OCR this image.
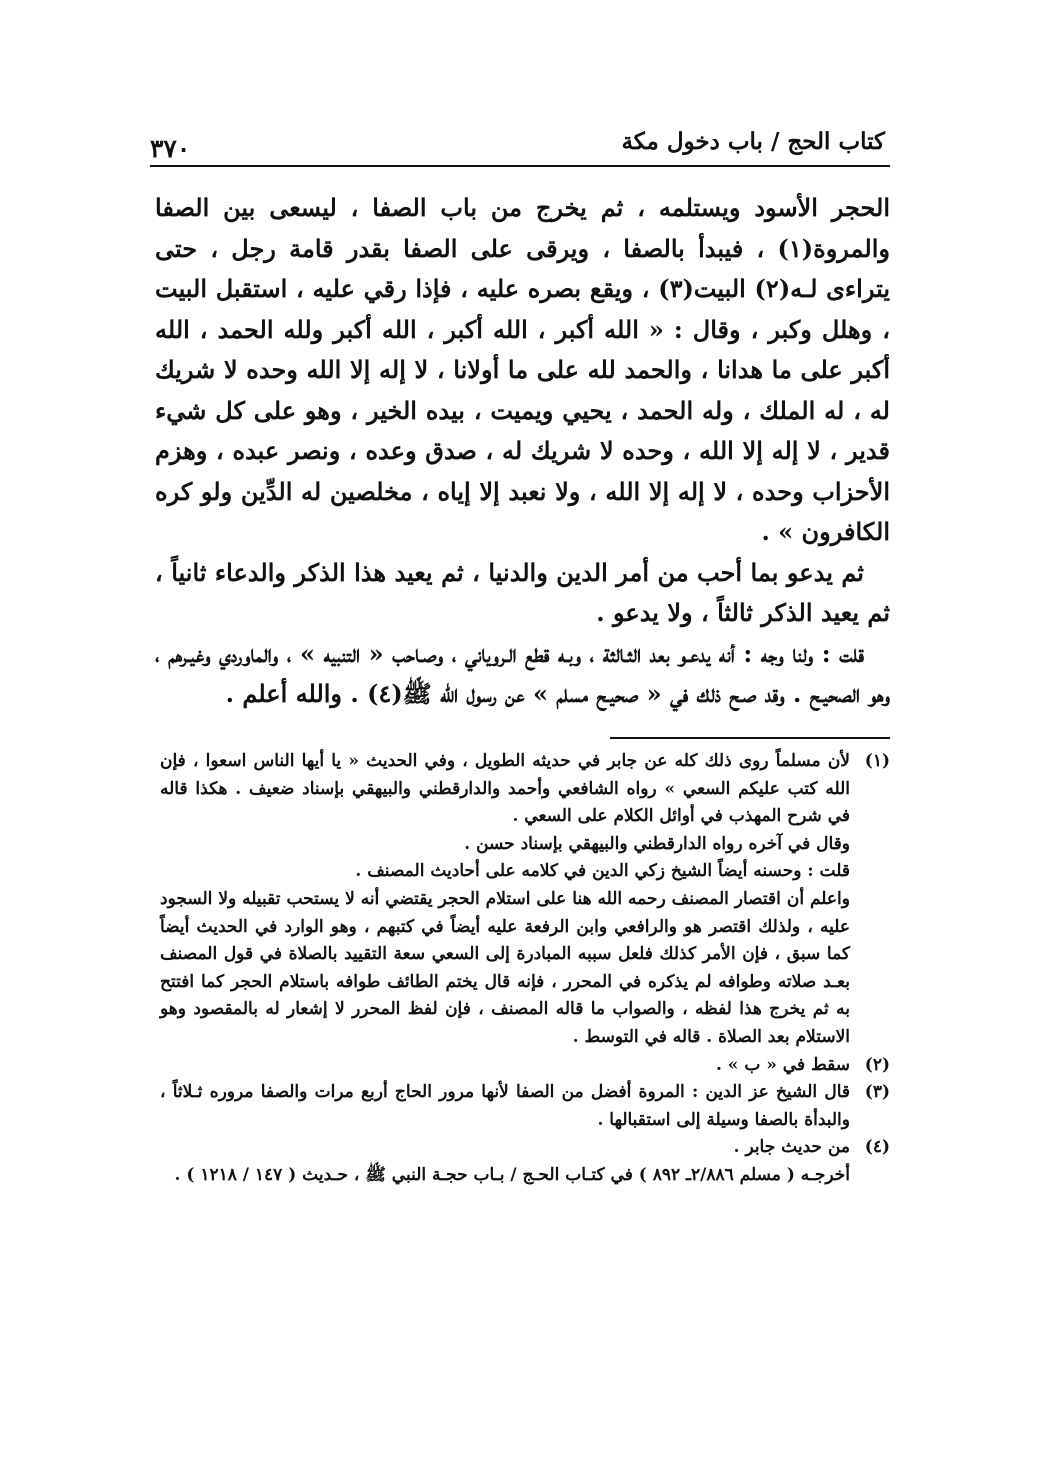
كتاب الحج / باب دخول مكة
٣٧٠

الحجر الأسود ويستلمه ، ثم يخرج من باب الصفا ، ليسعى بين الصفا والمروة(١) ، فيبدأ بالصفا ، ويرقى على الصفا بقدر قامة رجل ، حتى يتراءى لـه(٢) البيت(٣) ، ويقع بصره عليه ، فإذا رقي عليه ، استقبل البيت ، وهلل وكبر ، وقال : « الله أكبر ، الله أكبر ، الله أكبر ولله الحمد ، الله أكبر على ما هدانا ، والحمد لله على ما أولانا ، لا إله إلا الله وحده لا شريك له ، له الملك ، وله الحمد ، يحيي ويميت ، بيده الخير ، وهو على كل شيء قدير ، لا إله إلا الله ، وحده لا شريك له ، صدق وعده ، ونصر عبده ، وهزم الأحزاب وحده ، لا إله إلا الله ، ولا نعبد إلا إياه ، مخلصين له الدِّين ولو كره الكافرون » .

ثم يدعو بما أحب من أمر الدين والدنيا ، ثم يعيد هذا الذكر والدعاء ثانياً ، ثم يعيد الذكر ثالثاً ، ولا يدعو .

قلت : ولنا وجه : أنه يدعـو بعد الثـالثة ، وبـه قطع الـروياني ، وصـاحب « التنبيه » ، والماوردي وغيـرهم ، وهو الصحيـح . وقد صـح ذلك في « صحيـح مسلم » عن رسول الله ﷺ(٤) . والله أعلم .

(١)
لأن مسلماً روى ذلك كله عن جابر في حديثه الطويل ، وفي الحديث « يا أيها الناس اسعوا ، فإن الله كتب عليكم السعي » رواه الشافعي وأحمد والدارقطني والبيهقي بإسناد ضعيف . هكذا قاله في شرح المهذب في أوائل الكلام على السعي .

وقال في آخره رواه الدارقطني والبيهقي بإسناد حسن .

قلت : وحسنه أيضاً الشيخ زكي الدين في كلامه على أحاديث المصنف .

واعلم أن اقتصار المصنف رحمه الله هنا على استلام الحجر يقتضي أنه لا يستحب تقبيله ولا السجود عليه ، ولذلك اقتصر هو والرافعي وابن الرفعة عليه أيضاً في كتبهم ، وهو الوارد في الحديث أيضاً كما سبق ، فإن الأمر كذلك فلعل سببه المبادرة إلى السعي سعة التقييد بالصلاة في قول المصنف بعـد صلاته وطوافه لم يذكره في المحرر ، فإنه قال يختم الطائف طوافه باستلام الحجر كما افتتح به ثم يخرج هذا لفظه ، والصواب ما قاله المصنف ، فإن لفظ المحرر لا إشعار له بالمقصود وهو الاستلام بعد الصلاة . قاله في التوسط .

(٢)
سقط في « ب » .

(٣)
قال الشيخ عز الدين : المروة أفضل من الصفا لأنها مرور الحاج أربع مرات والصفا مروره ثـلاثاً ، والبدأة بالصفا وسيلة إلى استقبالها .

(٤)
من حديث جابر .

أخرجـه ( مسلم ٢/٨٨٦ـ ٨٩٢ ) في كتـاب الحـج / بـاب حجـة النبي ﷺ ، حـديث ( ١٤٧ / ١٢١٨ ) .
